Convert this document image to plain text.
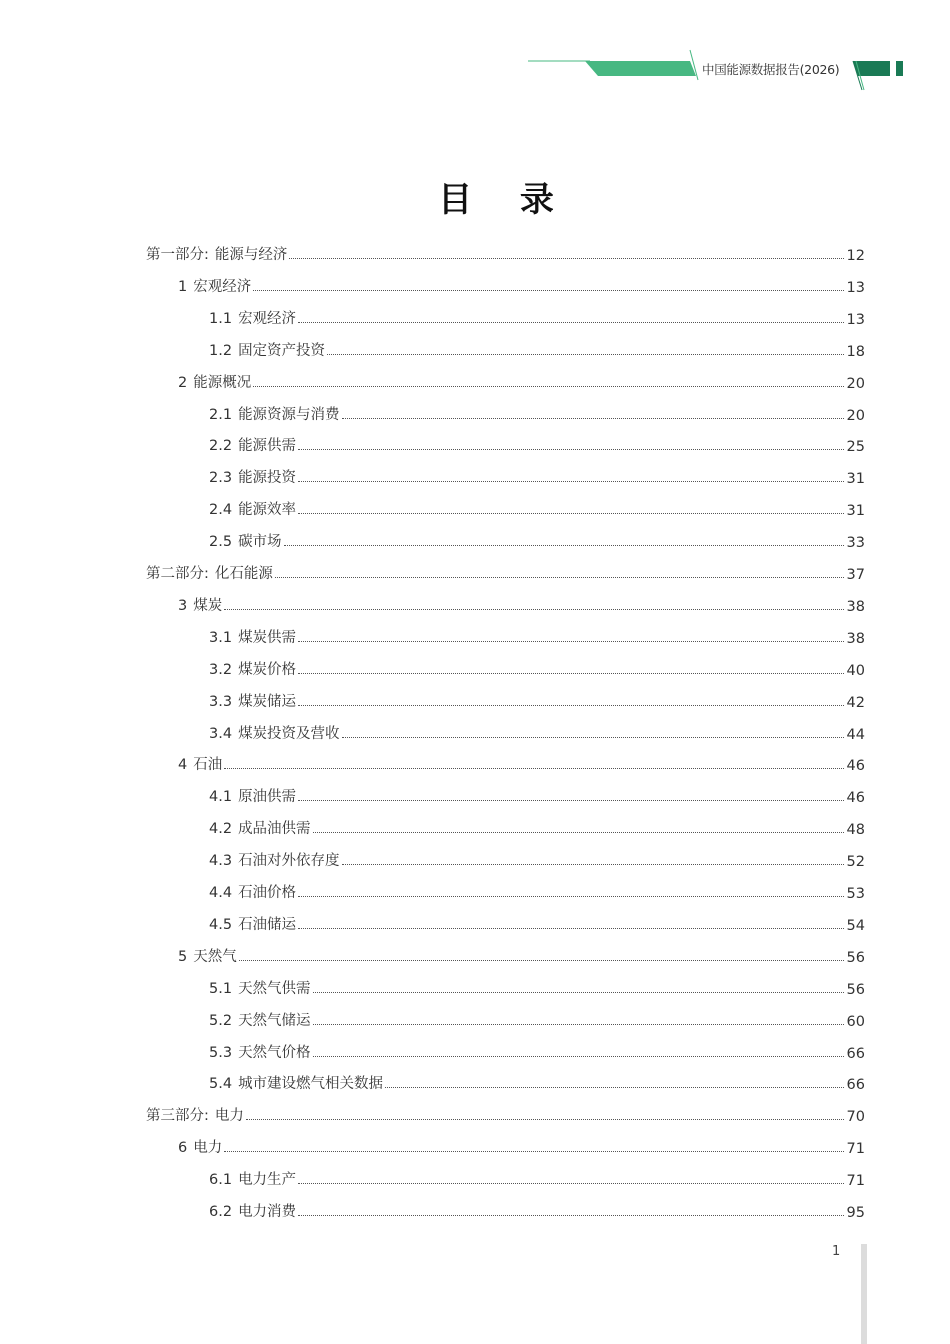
中国能源数据报告(2026)
目 录
第一部分: 能源与经济	12
1 宏观经济	13
1.1 宏观经济	13
1.2 固定资产投资	18
2 能源概况	20
2.1 能源资源与消费	20
2.2 能源供需	25
2.3 能源投资	31
2.4 能源效率	31
2.5 碳市场	33
第二部分: 化石能源	37
3 煤炭	38
3.1 煤炭供需	38
3.2 煤炭价格	40
3.3 煤炭储运	42
3.4 煤炭投资及营收	44
4 石油	46
4.1 原油供需	46
4.2 成品油供需	48
4.3 石油对外依存度	52
4.4 石油价格	53
4.5 石油储运	54
5 天然气	56
5.1 天然气供需	56
5.2 天然气储运	60
5.3 天然气价格	66
5.4 城市建设燃气相关数据	66
第三部分: 电力	70
6 电力	71
6.1 电力生产	71
6.2 电力消费	95
1
